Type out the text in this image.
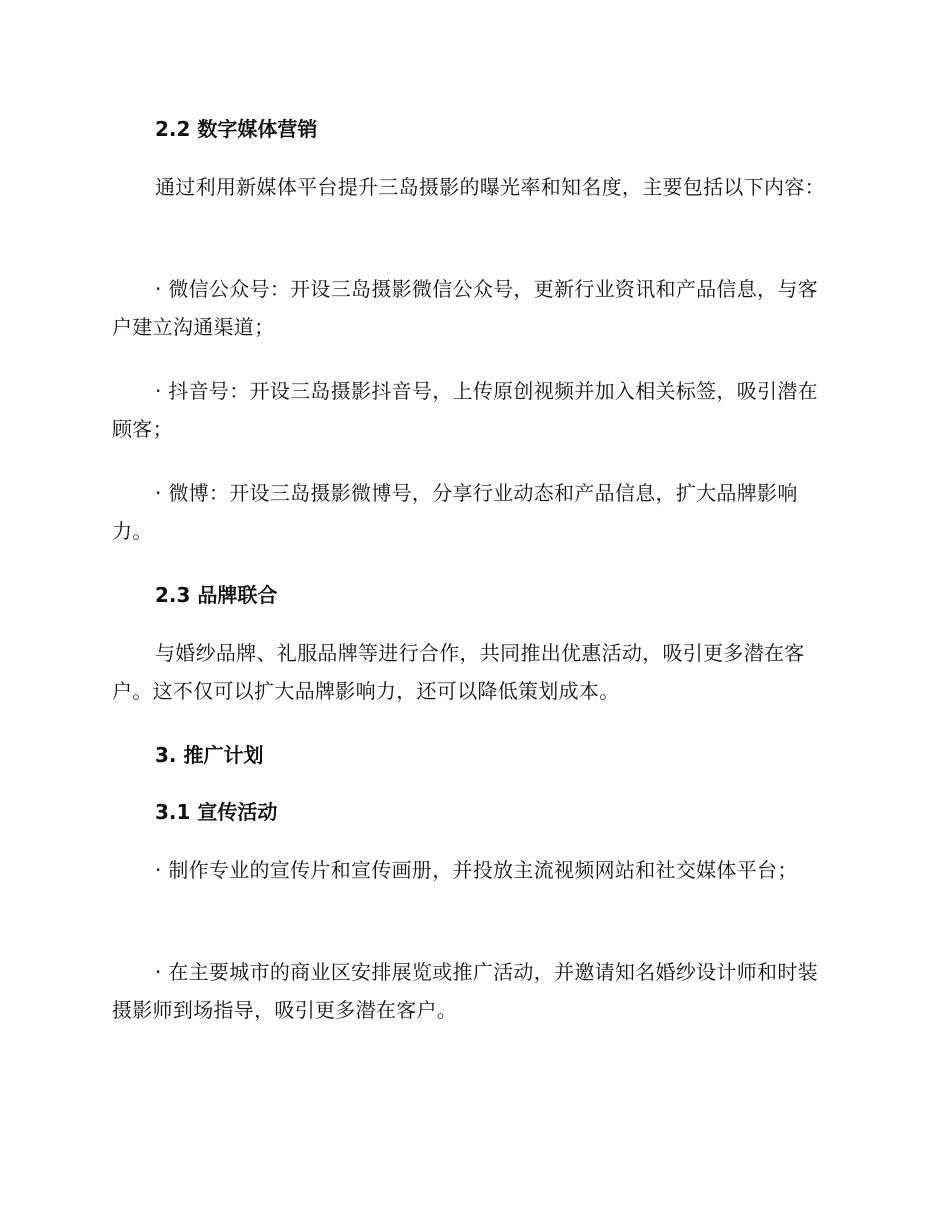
2.2 数字媒体营销
通过利用新媒体平台提升三岛摄影的曝光率和知名度，主要包括以下内容：
· 微信公众号：开设三岛摄影微信公众号，更新行业资讯和产品信息，与客户建立沟通渠道；
· 抖音号：开设三岛摄影抖音号，上传原创视频并加入相关标签，吸引潜在顾客；
· 微博：开设三岛摄影微博号，分享行业动态和产品信息，扩大品牌影响力。
2.3 品牌联合
与婚纱品牌、礼服品牌等进行合作，共同推出优惠活动，吸引更多潜在客户。这不仅可以扩大品牌影响力，还可以降低策划成本。
3. 推广计划
3.1 宣传活动
· 制作专业的宣传片和宣传画册，并投放主流视频网站和社交媒体平台；
· 在主要城市的商业区安排展览或推广活动，并邀请知名婚纱设计师和时装摄影师到场指导，吸引更多潜在客户。
